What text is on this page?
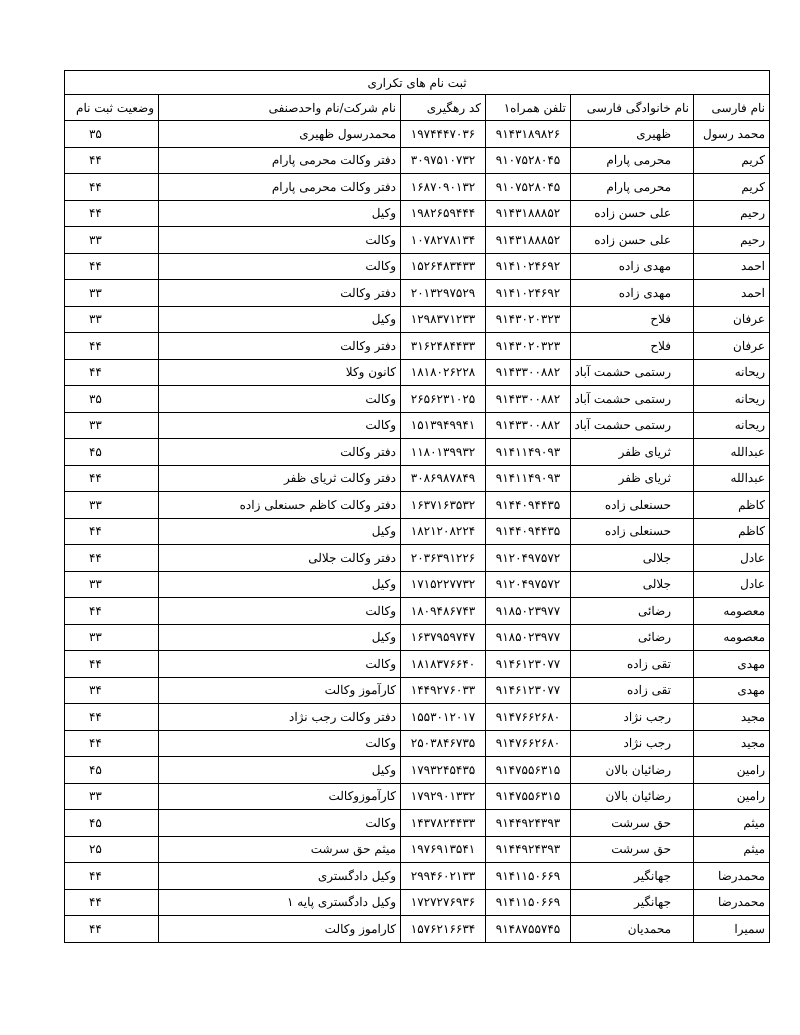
ثبت نام های تکراری					
نام فارسی	نام خانوادگی فارسی	تلفن همراه۱	کد رهگیری	نام شرکت/نام واحدصنفی	وضعیت ثبت نام
محمد رسول	ظهیری	۹۱۴۳۱۸۹۸۲۶	۱۹۷۴۴۴۷۰۳۶	محمدرسول ظهیری	۳۵
کریم	محرمی پارام	۹۱۰۷۵۲۸۰۴۵	۳۰۹۷۵۱۰۷۳۲	دفتر وکالت محرمی پارام	۴۴
کریم	محرمی پارام	۹۱۰۷۵۲۸۰۴۵	۱۶۸۷۰۹۰۱۳۲	دفتر وکالت محرمی پارام	۴۴
رحیم	علی حسن زاده	۹۱۴۳۱۸۸۸۵۲	۱۹۸۲۶۵۹۴۴۴	وکیل	۴۴
رحیم	علی حسن زاده	۹۱۴۳۱۸۸۸۵۲	۱۰۷۸۲۷۸۱۳۴	وکالت	۳۳
احمد	مهدی زاده	۹۱۴۱۰۲۴۶۹۲	۱۵۲۶۴۸۳۴۳۳	وکالت	۴۴
احمد	مهدی زاده	۹۱۴۱۰۲۴۶۹۲	۲۰۱۳۲۹۷۵۲۹	دفتر وکالت	۳۳
عرفان	فلاح	۹۱۴۳۰۲۰۳۲۳	۱۲۹۸۳۷۱۲۳۳	وکیل	۳۳
عرفان	فلاح	۹۱۴۳۰۲۰۳۲۳	۳۱۶۲۴۸۴۴۳۳	دفتر وکالت	۴۴
ریحانه	رستمی حشمت آباد	۹۱۴۳۳۰۰۸۸۲	۱۸۱۸۰۲۶۲۲۸	کانون وکلا	۴۴
ریحانه	رستمی حشمت آباد	۹۱۴۳۳۰۰۸۸۲	۲۶۵۶۲۳۱۰۲۵	وکالت	۳۵
ریحانه	رستمی حشمت آباد	۹۱۴۳۳۰۰۸۸۲	۱۵۱۳۹۴۹۹۴۱	وکالت	۳۳
عبدالله	ثریای ظفر	۹۱۴۱۱۴۹۰۹۳	۱۱۸۰۱۳۹۹۳۲	دفتر وکالت	۴۵
عبدالله	ثریای ظفر	۹۱۴۱۱۴۹۰۹۳	۳۰۸۶۹۸۷۸۴۹	دفتر وکالت ثریای ظفر	۴۴
کاظم	حسنعلی زاده	۹۱۴۴۰۹۴۴۳۵	۱۶۳۷۱۶۳۵۳۲	دفتر وکالت کاظم حسنعلی زاده	۳۳
کاظم	حسنعلی زاده	۹۱۴۴۰۹۴۴۳۵	۱۸۲۱۲۰۸۲۲۴	وکیل	۴۴
عادل	جلالی	۹۱۲۰۴۹۷۵۷۲	۲۰۳۶۳۹۱۲۲۶	دفتر وکالت جلالی	۴۴
عادل	جلالی	۹۱۲۰۴۹۷۵۷۲	۱۷۱۵۲۲۷۷۳۲	وکیل	۳۳
معصومه	رضائی	۹۱۸۵۰۲۳۹۷۷	۱۸۰۹۴۸۶۷۴۳	وکالت	۴۴
معصومه	رضائی	۹۱۸۵۰۲۳۹۷۷	۱۶۳۷۹۵۹۷۴۷	وکیل	۳۳
مهدی	تقی زاده	۹۱۴۶۱۲۳۰۷۷	۱۸۱۸۳۷۶۶۴۰	وکالت	۴۴
مهدی	تقی زاده	۹۱۴۶۱۲۳۰۷۷	۱۴۴۹۲۷۶۰۳۳	کارآموز وکالت	۳۴
مجید	رجب نژاد	۹۱۴۷۶۶۲۶۸۰	۱۵۵۳۰۱۲۰۱۷	دفتر وکالت رجب نژاد	۴۴
مجید	رجب نژاد	۹۱۴۷۶۶۲۶۸۰	۲۵۰۳۸۴۶۷۳۵	وکالت	۴۴
رامین	رضائیان بالان	۹۱۴۷۵۵۶۳۱۵	۱۷۹۳۲۴۵۴۳۵	وکیل	۴۵
رامین	رضائیان بالان	۹۱۴۷۵۵۶۳۱۵	۱۷۹۲۹۰۱۳۳۲	کارآموزوکالت	۳۳
میثم	حق سرشت	۹۱۴۴۹۲۴۳۹۳	۱۴۳۷۸۲۴۴۳۳	وکالت	۴۵
میثم	حق سرشت	۹۱۴۴۹۲۴۳۹۳	۱۹۷۶۹۱۳۵۴۱	میثم حق سرشت	۲۵
محمدرضا	جهانگیر	۹۱۴۱۱۵۰۶۶۹	۲۹۹۴۶۰۲۱۳۳	وکیل دادگستری	۴۴
محمدرضا	جهانگیر	۹۱۴۱۱۵۰۶۶۹	۱۷۲۷۲۷۶۹۳۶	وکیل دادگستری پایه ۱	۴۴
سمیرا	محمدیان	۹۱۴۸۷۵۵۷۴۵	۱۵۷۶۲۱۶۶۳۴	کاراموز وکالت	۴۴
